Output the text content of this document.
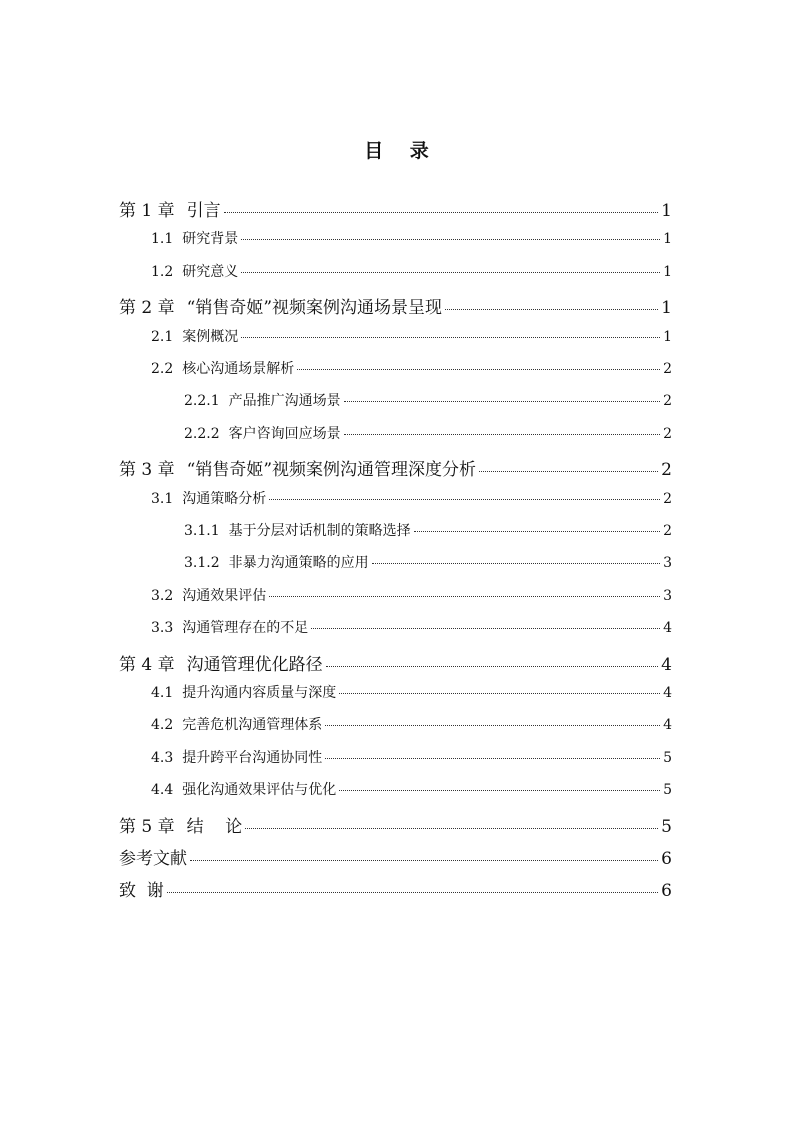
目    录
第 1 章 引言	1
1.1 研究背景	1
1.2 研究意义	1
第 2 章 “销售奇姬”视频案例沟通场景呈现	1
2.1 案例概况	1
2.2 核心沟通场景解析	2
2.2.1 产品推广沟通场景	2
2.2.2 客户咨询回应场景	2
第 3 章 “销售奇姬”视频案例沟通管理深度分析	2
3.1 沟通策略分析	2
3.1.1 基于分层对话机制的策略选择	2
3.1.2 非暴力沟通策略的应用	3
3.2 沟通效果评估	3
3.3 沟通管理存在的不足	4
第 4 章 沟通管理优化路径	4
4.1 提升沟通内容质量与深度	4
4.2 完善危机沟通管理体系	4
4.3 提升跨平台沟通协同性	5
4.4 强化沟通效果评估与优化	5
第 5 章 结    论	5
参考文献	6
致  谢	6
